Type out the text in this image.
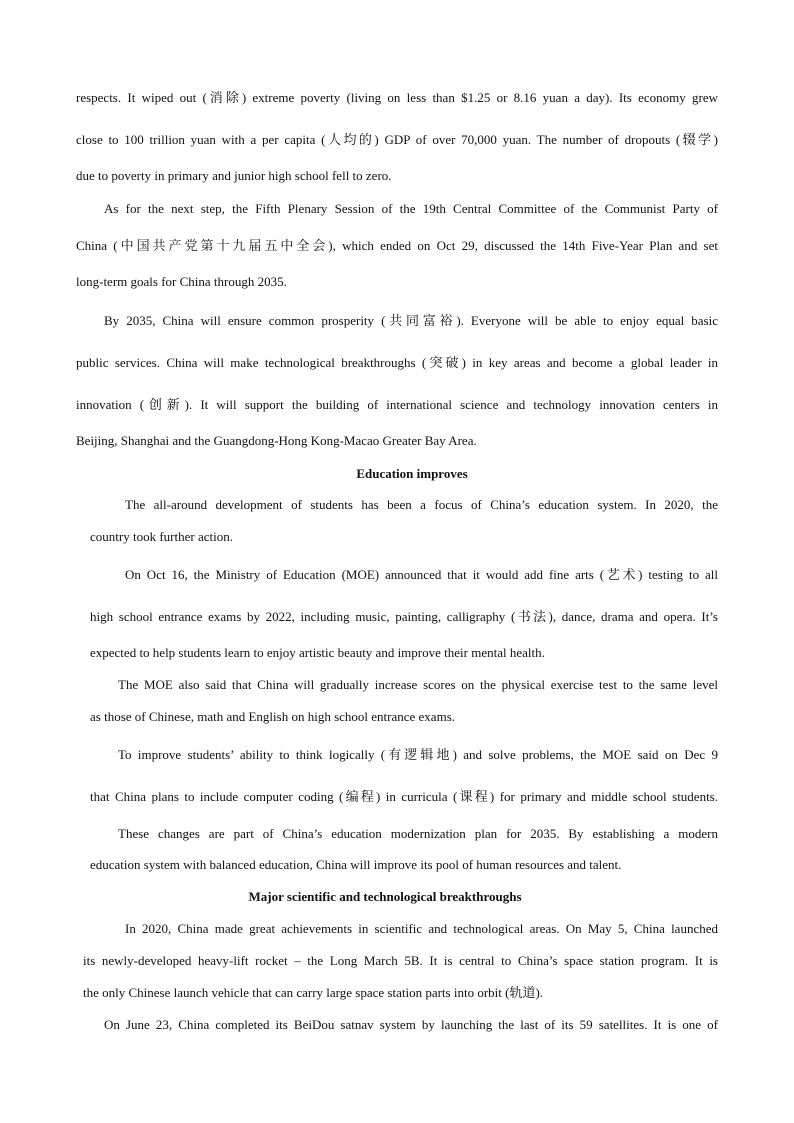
respects. It wiped out (消除) extreme poverty (living on less than $1.25 or 8.16 yuan a day). Its economy grew

close to 100 trillion yuan with a per capita (人均的) GDP of over 70,000 yuan. The number of dropouts (辍学)

due to poverty in primary and junior high school fell to zero.

As for the next step, the Fifth Plenary Session of the 19th Central Committee of the Communist Party of

China (中国共产党第十九届五中全会), which ended on Oct 29, discussed the 14th Five-Year Plan and set

long-term goals for China through 2035.

By 2035, China will ensure common prosperity (共同富裕). Everyone will be able to enjoy equal basic

public services. China will make technological breakthroughs (突破) in key areas and become a global leader in

innovation (创新). It will support the building of international science and technology innovation centers in

Beijing, Shanghai and the Guangdong-Hong Kong-Macao Greater Bay Area.

Education improves

The all-around development of students has been a focus of China’s education system. In 2020, the

country took further action.

On Oct 16, the Ministry of Education (MOE) announced that it would add fine arts (艺术) testing to all

high school entrance exams by 2022, including music, painting, calligraphy (书法), dance, drama and opera. It’s

expected to help students learn to enjoy artistic beauty and improve their mental health.

The MOE also said that China will gradually increase scores on the physical exercise test to the same level

as those of Chinese, math and English on high school entrance exams.

To improve students’ ability to think logically (有逻辑地) and solve problems, the MOE said on Dec 9

that China plans to include computer coding (编程) in curricula (课程) for primary and middle school students.

These changes are part of China’s education modernization plan for 2035. By establishing a modern

education system with balanced education, China will improve its pool of human resources and talent.

Major scientific and technological breakthroughs

In 2020, China made great achievements in scientific and technological areas. On May 5, China launched

its newly-developed heavy-lift rocket – the Long March 5B. It is central to China’s space station program. It is

the only Chinese launch vehicle that can carry large space station parts into orbit (轨道).

On June 23, China completed its BeiDou satnav system by launching the last of its 59 satellites. It is one of
